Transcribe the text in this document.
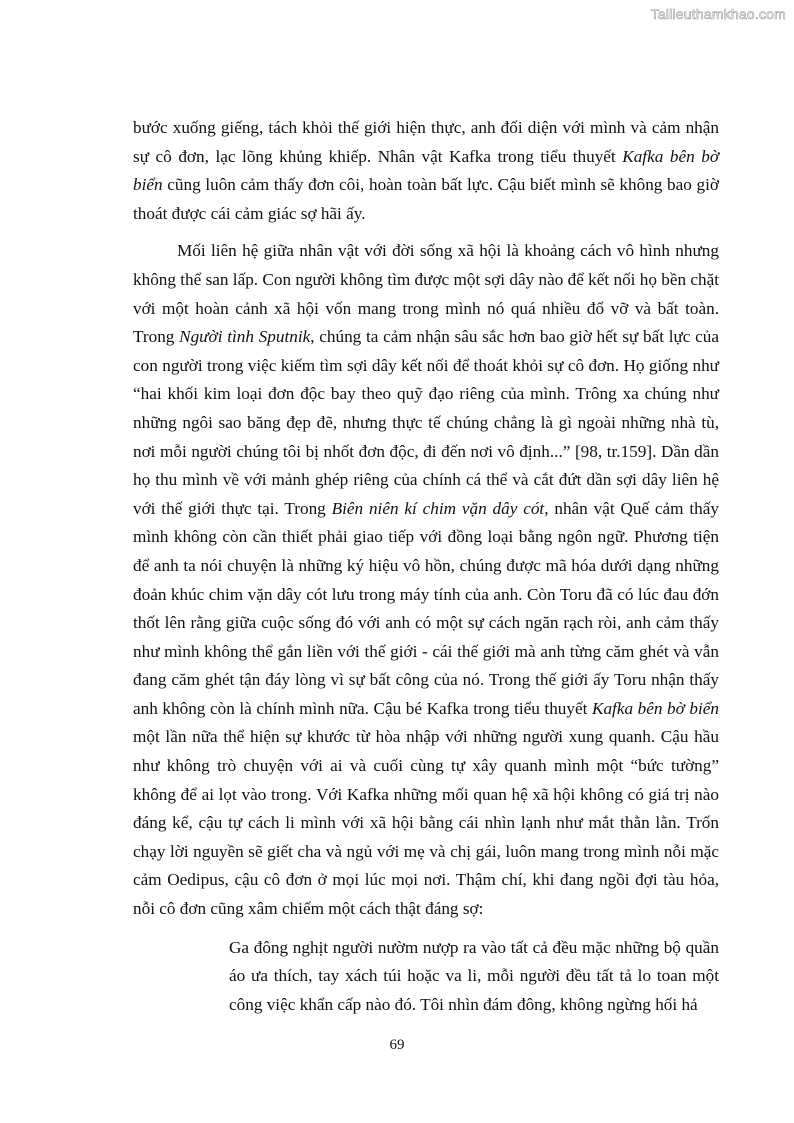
Tailieuthamkhao.com

bước xuống giếng, tách khỏi thế giới hiện thực, anh đối diện với mình và cảm nhận sự cô đơn, lạc lõng khủng khiếp. Nhân vật Kafka trong tiểu thuyết Kafka bên bờ biển cũng luôn cảm thấy đơn côi, hoàn toàn bất lực. Cậu biết mình sẽ không bao giờ thoát được cái cảm giác sợ hãi ấy.

Mối liên hệ giữa nhân vật với đời sống xã hội là khoảng cách vô hình nhưng không thể san lấp. Con người không tìm được một sợi dây nào để kết nối họ bền chặt với một hoàn cảnh xã hội vốn mang trong mình nó quá nhiều đổ vỡ và bất toàn. Trong Người tình Sputnik, chúng ta cảm nhận sâu sắc hơn bao giờ hết sự bất lực của con người trong việc kiếm tìm sợi dây kết nối để thoát khỏi sự cô đơn. Họ giống như “hai khối kim loại đơn độc bay theo quỹ đạo riêng của mình. Trông xa chúng như những ngôi sao băng đẹp đẽ, nhưng thực tế chúng chẳng là gì ngoài những nhà tù, nơi mỗi người chúng tôi bị nhốt đơn độc, đi đến nơi vô định...” [98, tr.159]. Dần dần họ thu mình về với mảnh ghép riêng của chính cá thể và cắt đứt dần sợi dây liên hệ với thế giới thực tại. Trong Biên niên kí chim vặn dây cót, nhân vật Quế cảm thấy mình không còn cần thiết phải giao tiếp với đồng loại bằng ngôn ngữ. Phương tiện để anh ta nói chuyện là những ký hiệu vô hồn, chúng được mã hóa dưới dạng những đoản khúc chim vặn dây cót lưu trong máy tính của anh. Còn Toru đã có lúc đau đớn thốt lên rằng giữa cuộc sống đó với anh có một sự cách ngăn rạch ròi, anh cảm thấy như mình không thể gắn liền với thế giới - cái thế giới mà anh từng căm ghét và vẫn đang căm ghét tận đáy lòng vì sự bất công của nó. Trong thế giới ấy Toru nhận thấy anh không còn là chính mình nữa. Cậu bé Kafka trong tiểu thuyết Kafka bên bờ biển một lần nữa thể hiện sự khước từ hòa nhập với những người xung quanh. Cậu hầu như không trò chuyện với ai và cuối cùng tự xây quanh mình một “bức tường” không để ai lọt vào trong. Với Kafka những mối quan hệ xã hội không có giá trị nào đáng kể, cậu tự cách li mình với xã hội bằng cái nhìn lạnh như mắt thằn lằn. Trốn chạy lời nguyền sẽ giết cha và ngủ với mẹ và chị gái, luôn mang trong mình nỗi mặc cảm Oedipus, cậu cô đơn ở mọi lúc mọi nơi. Thậm chí, khi đang ngồi đợi tàu hỏa, nỗi cô đơn cũng xâm chiếm một cách thật đáng sợ:

Ga đông nghịt người nườm nượp ra vào tất cả đều mặc những bộ quần áo ưa thích, tay xách túi hoặc va li, mỗi người đều tất tả lo toan một công việc khẩn cấp nào đó. Tôi nhìn đám đông, không ngừng hối hả

69
